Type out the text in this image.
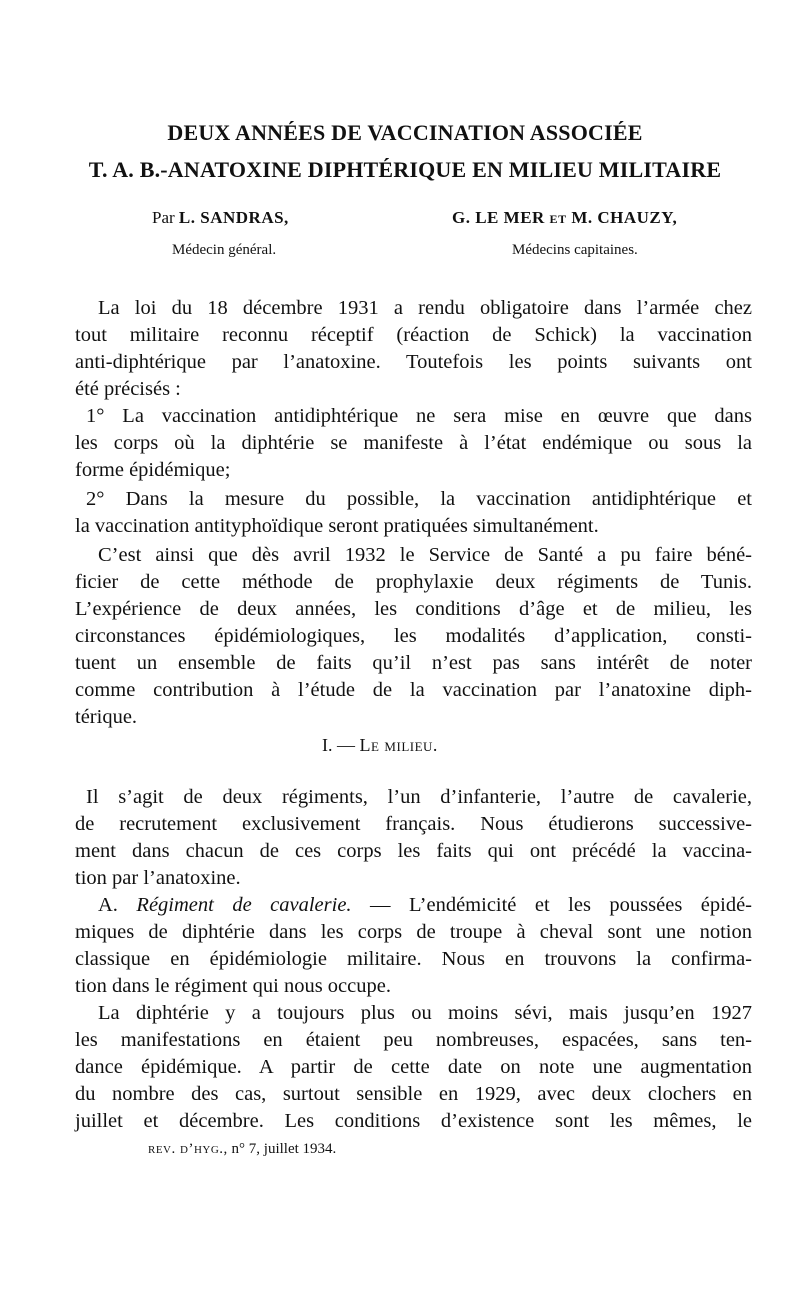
DEUX ANNÉES DE VACCINATION ASSOCIÉE
T. A. B.-ANATOXINE DIPHTÉRIQUE EN MILIEU MILITAIRE
Par L. SANDRAS,	G. LE MER et M. CHAUZY,
Médecin général.	Médecins capitaines.
La loi du 18 décembre 1931 a rendu obligatoire dans l’armée chez
tout militaire reconnu réceptif (réaction de Schick) la vaccination
anti-diphtérique par l’anatoxine. Toutefois les points suivants ont
été précisés :
1° La vaccination antidiphtérique ne sera mise en œuvre que dans
les corps où la diphtérie se manifeste à l’état endémique ou sous la
forme épidémique;
2° Dans la mesure du possible, la vaccination antidiphtérique et
la vaccination antityphoïdique seront pratiquées simultanément.
C’est ainsi que dès avril 1932 le Service de Santé a pu faire béné-
ficier de cette méthode de prophylaxie deux régiments de Tunis.
L’expérience de deux années, les conditions d’âge et de milieu, les
circonstances épidémiologiques, les modalités d’application, consti-
tuent un ensemble de faits qu’il n’est pas sans intérêt de noter
comme contribution à l’étude de la vaccination par l’anatoxine diph-
térique.
I. — Le milieu.
Il s’agit de deux régiments, l’un d’infanterie, l’autre de cavalerie,
de recrutement exclusivement français. Nous étudierons successive-
ment dans chacun de ces corps les faits qui ont précédé la vaccina-
tion par l’anatoxine.
A. Régiment de cavalerie. — L’endémicité et les poussées épidé-
miques de diphtérie dans les corps de troupe à cheval sont une notion
classique en épidémiologie militaire. Nous en trouvons la confirma-
tion dans le régiment qui nous occupe.
La diphtérie y a toujours plus ou moins sévi, mais jusqu’en 1927
les manifestations en étaient peu nombreuses, espacées, sans ten-
dance épidémique. A partir de cette date on note une augmentation
du nombre des cas, surtout sensible en 1929, avec deux clochers en
juillet et décembre. Les conditions d’existence sont les mêmes, le
rev. d’hyg., n° 7, juillet 1934.
